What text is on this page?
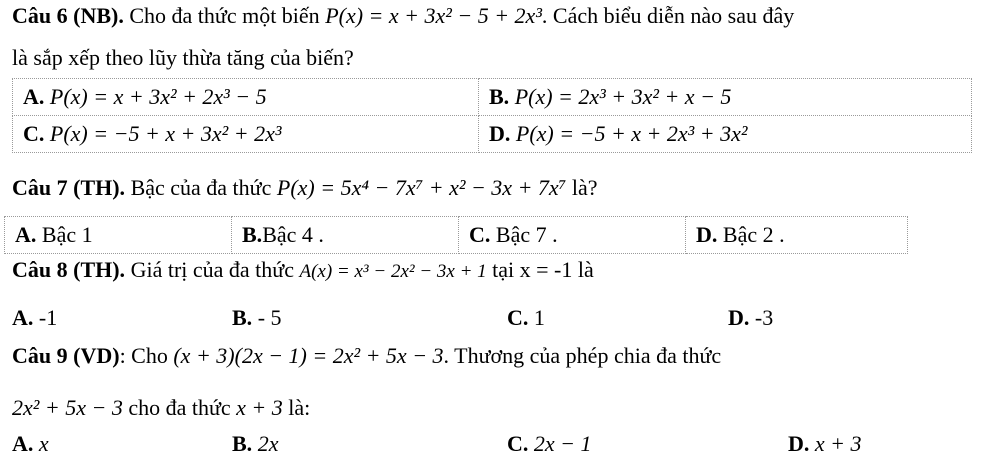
Câu 6 (NB). Cho đa thức một biến P(x) = x + 3x² − 5 + 2x³. Cách biểu diễn nào sau đây
là sắp xếp theo lũy thừa tăng của biến?
A. P(x) = x + 3x² + 2x³ − 5	B. P(x) = 2x³ + 3x² + x − 5
C. P(x) = −5 + x + 3x² + 2x³	D. P(x) = −5 + x + 2x³ + 3x²
Câu 7 (TH). Bậc của đa thức P(x) = 5x⁴ − 7x⁷ + x² − 3x + 7x⁷ là?
A. Bậc 1	B.Bậc 4 .	C. Bậc 7 .	D. Bậc 2 .
Câu 8 (TH). Giá trị của đa thức A(x) = x³ − 2x² − 3x + 1 tại x = -1 là
A. -1	B. - 5	C. 1	D. -3
Câu 9 (VD): Cho (x + 3)(2x − 1) = 2x² + 5x − 3. Thương của phép chia đa thức
2x² + 5x − 3 cho đa thức x + 3 là:
A. x	B. 2x	C. 2x − 1	D. x + 3
